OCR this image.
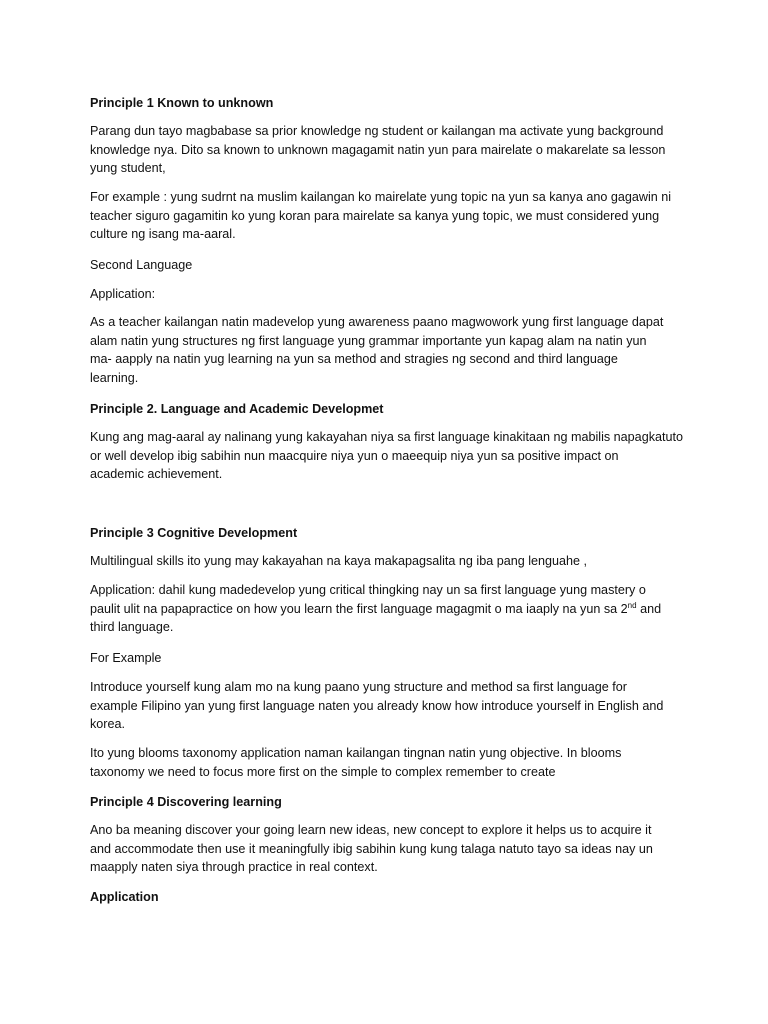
Principle 1 Known to unknown

Parang dun tayo magbabase sa prior knowledge ng student or kailangan ma activate yung background
knowledge nya. Dito sa known to unknown magagamit natin yun para mairelate o makarelate sa lesson
yung student,

For example : yung sudrnt na muslim kailangan ko mairelate yung topic na yun sa kanya ano gagawin ni
teacher siguro gagamitin ko yung koran para mairelate sa kanya yung topic, we must considered yung
culture ng isang ma-aaral.

Second Language

Application:

As a teacher kailangan natin madevelop yung awareness paano magwowork yung first language dapat
alam natin yung structures ng first language yung grammar importante yun kapag alam na natin yun
ma- aapply na natin yug learning na yun sa method and stragies ng second and third language
learning.

Principle 2. Language and Academic Developmet

Kung ang mag-aaral ay nalinang yung kakayahan niya sa first language kinakitaan ng mabilis napagkatuto
or well develop ibig sabihin nun maacquire niya yun o maeequip niya yun sa positive impact on
academic achievement.

Principle 3 Cognitive Development

Multilingual skills ito yung may kakayahan na kaya makapagsalita ng iba pang lenguahe ,

Application: dahil kung madedevelop yung critical thingking nay un sa first language yung mastery o
paulit ulit na papapractice on how you learn the first language magagmit o ma iaaply na yun sa 2nd and
third language.

For Example

Introduce yourself kung alam mo na kung paano yung structure and method sa first language for
example Filipino yan yung first language naten you already know how introduce yourself in English and
korea.

Ito yung blooms taxonomy application naman kailangan tingnan natin yung objective. In blooms
taxonomy we need to focus more first on the simple to complex remember to create

Principle 4 Discovering learning

Ano ba meaning discover your going learn new ideas, new concept to explore it helps us to acquire it
and accommodate then use it meaningfully ibig sabihin kung kung talaga natuto tayo sa ideas nay un
maapply naten siya through practice in real context.

Application
